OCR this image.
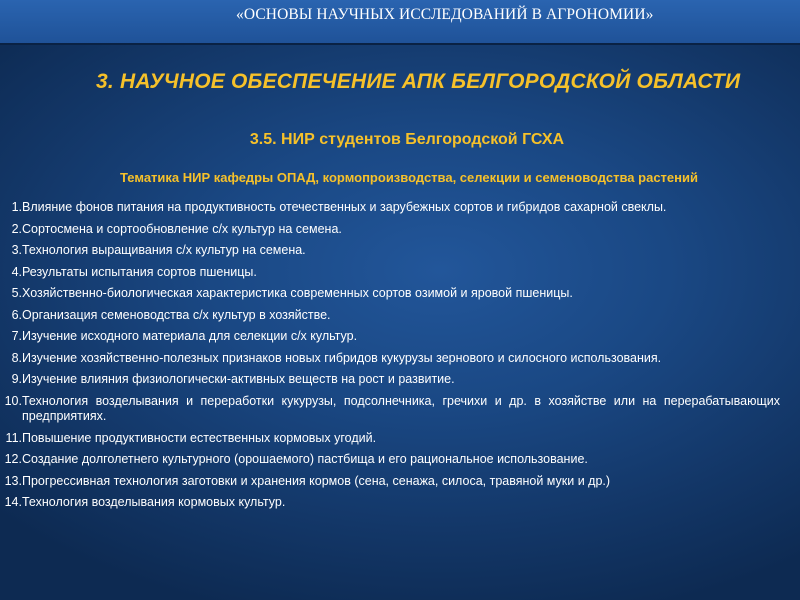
«ОСНОВЫ НАУЧНЫХ ИССЛЕДОВАНИЙ В АГРОНОМИИ»
3. НАУЧНОЕ ОБЕСПЕЧЕНИЕ АПК БЕЛГОРОДСКОЙ ОБЛАСТИ
3.5. НИР студентов Белгородской ГСХА
Тематика НИР кафедры ОПАД, кормопроизводства, селекции и семеноводства растений
1. Влияние фонов питания на продуктивность отечественных и зарубежных сортов и гибридов сахарной свеклы.
2. Сортосмена и сортообновление с/х культур на семена.
3. Технология выращивания с/х культур на семена.
4. Результаты испытания сортов пшеницы.
5. Хозяйственно-биологическая характеристика современных сортов озимой и яровой пшеницы.
6. Организация семеноводства с/х культур в хозяйстве.
7. Изучение исходного материала для селекции с/х культур.
8. Изучение хозяйственно-полезных признаков новых гибридов кукурузы зернового и силосного использования.
9. Изучение влияния физиологически-активных веществ на рост и развитие.
10. Технология возделывания и переработки кукурузы, подсолнечника, гречихи и др. в хозяйстве или на перерабатывающих предприятиях.
11. Повышение продуктивности естественных кормовых угодий.
12. Создание долголетнего культурного (орошаемого) пастбища и его рациональное использование.
13. Прогрессивная технология заготовки и хранения кормов (сена, сенажа, силоса, травяной муки и др.)
14. Технология возделывания кормовых культур.
